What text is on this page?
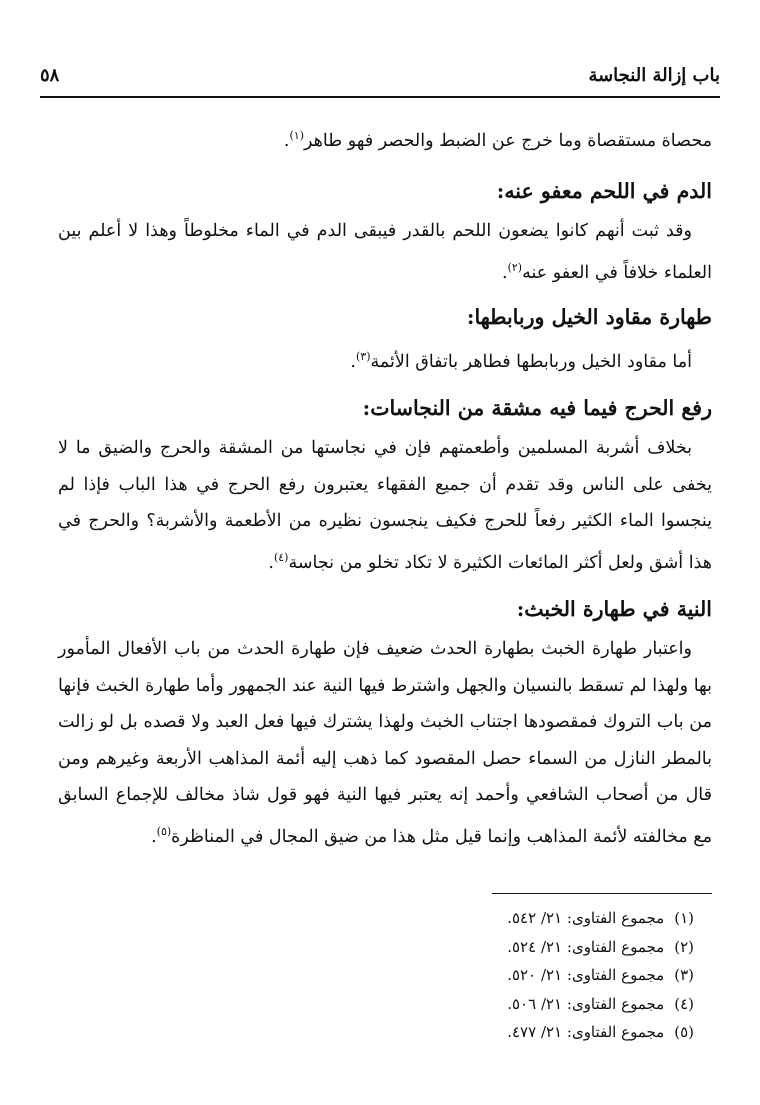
باب إزالة النجاسة
٥٨

محصاة مستقصاة وما خرج عن الضبط والحصر فهو طاهر$^{(١)}$.

الدم في اللحم معفو عنه:

وقد ثبت أنهم كانوا يضعون اللحم بالقدر فيبقى الدم في الماء مخلوطاً وهذا لا أعلم بين العلماء خلافاً في العفو عنه$^{(٢)}$.

طهارة مقاود الخيل وربابطها:

أما مقاود الخيل وربابطها فطاهر باتفاق الأئمة$^{(٣)}$.

رفع الحرج فيما فيه مشقة من النجاسات:

بخلاف أشربة المسلمين وأطعمتهم فإن في نجاستها من المشقة والحرج والضيق ما لا يخفى على الناس وقد تقدم أن جميع الفقهاء يعتبرون رفع الحرج في هذا الباب فإذا لم ينجسوا الماء الكثير رفعاً للحرج فكيف ينجسون نظيره من الأطعمة والأشربة؟ والحرج في هذا أشق ولعل أكثر المائعات الكثيرة لا تكاد تخلو من نجاسة$^{(٤)}$.

النية في طهارة الخبث:

واعتبار طهارة الخبث بطهارة الحدث ضعيف فإن طهارة الحدث من باب الأفعال المأمور بها ولهذا لم تسقط بالنسيان والجهل واشترط فيها النية عند الجمهور وأما طهارة الخبث فإنها من باب التروك فمقصودها اجتناب الخبث ولهذا يشترك فيها فعل العبد ولا قصده بل لو زالت بالمطر النازل من السماء حصل المقصود كما ذهب إليه أئمة المذاهب الأربعة وغيرهم ومن قال من أصحاب الشافعي وأحمد إنه يعتبر فيها النية فهو قول شاذ مخالف للإجماع السابق مع مخالفته لأئمة المذاهب وإنما قيل مثل هذا من ضيق المجال في المناظرة$^{(٥)}$.

(١)مجموع الفتاوى: ٢١/ ٥٤٢.
(٢)مجموع الفتاوى: ٢١/ ٥٢٤.
(٣)مجموع الفتاوى: ٢١/ ٥٢٠.
(٤)مجموع الفتاوى: ٢١/ ٥٠٦.
(٥)مجموع الفتاوى: ٢١/ ٤٧٧.
